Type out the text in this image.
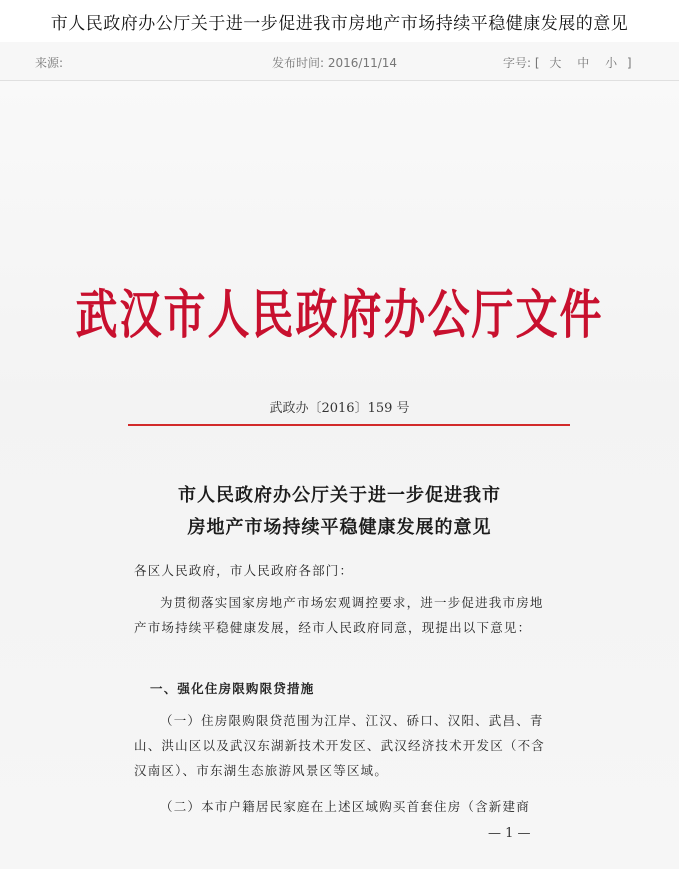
市人民政府办公厅关于进一步促进我市房地产市场持续平稳健康发展的意见
来源:	发布时间: 2016/11/14	字号: [ 大 中 小 ]
武汉市人民政府办公厅文件
武政办〔2016〕159 号
市人民政府办公厅关于进一步促进我市
房地产市场持续平稳健康发展的意见
各区人民政府，市人民政府各部门：
为贯彻落实国家房地产市场宏观调控要求，进一步促进我市房地产市场持续平稳健康发展，经市人民政府同意，现提出以下意见：
一、强化住房限购限贷措施
（一）住房限购限贷范围为江岸、江汉、硚口、汉阳、武昌、青山、洪山区以及武汉东湖新技术开发区、武汉经济技术开发区（不含汉南区）、市东湖生态旅游风景区等区域。
（二）本市户籍居民家庭在上述区域购买首套住房（含新建商
— 1 —
